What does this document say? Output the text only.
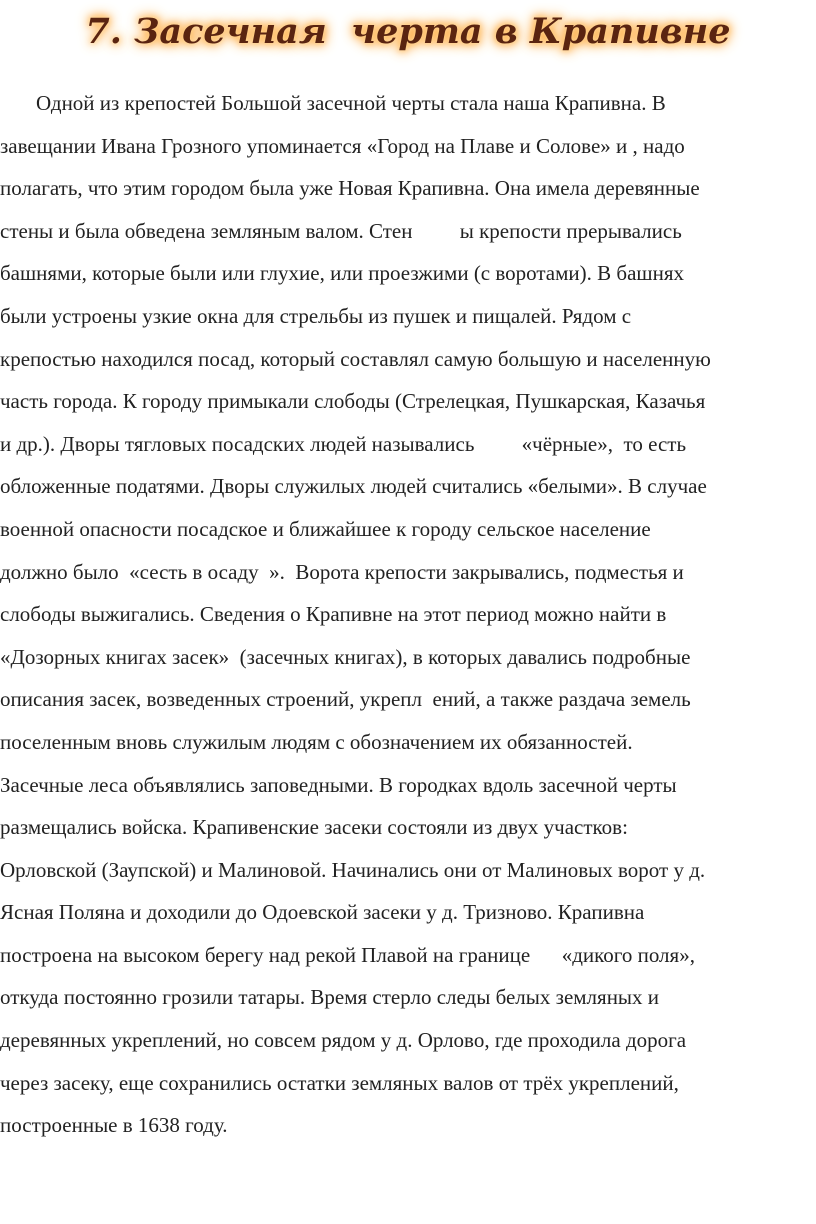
7. Засечная  черта в Крапивне
Одной из крепостей Большой засечной черты стала наша Крапивна. В
завещании Ивана Грозного упоминается «Город на Плаве и Солове» и , надо
полагать, что этим городом была уже Новая Крапивна. Она имела деревянные
стены и была обведена земляным валом. Стен         ы крепости прерывались
башнями, которые были или глухие, или проезжими (с воротами). В башнях
были устроены узкие окна для стрельбы из пушек и пищалей. Рядом с
крепостью находился посад, который составлял самую большую и населенную
часть города. К городу примыкали слободы (Стрелецкая, Пушкарская, Казачья
и др.). Дворы тягловых посадских людей назывались         «чёрные»,  то есть
обложенные податями. Дворы служилых людей считались «белыми». В случае
военной опасности посадское и ближайшее к городу сельское население
должно было  «сесть в осаду  ».  Ворота крепости закрывались, подместья и
слободы выжигались. Сведения о Крапивне на этот период можно найти в
«Дозорных книгах засек»  (засечных книгах), в которых давались подробные
описания засек, возведенных строений, укрепл  ений, а также раздача земель
поселенным вновь служилым людям с обозначением их обязанностей.
Засечные леса объявлялись заповедными. В городках вдоль засечной черты
размещались войска. Крапивенские засеки состояли из двух участков:
Орловской (Заупской) и Малиновой. Начинались они от Малиновых ворот у д.
Ясная Поляна и доходили до Одоевской засеки у д. Тризново. Крапивна
построена на высоком берегу над рекой Плавой на границе      «дикого поля»,
откуда постоянно грозили татары. Время стерло следы белых земляных и
деревянных укреплений, но совсем рядом у д. Орлово, где проходила дорога
через засеку, еще сохранились остатки земляных валов от трёх укреплений,
построенные в 1638 году.
